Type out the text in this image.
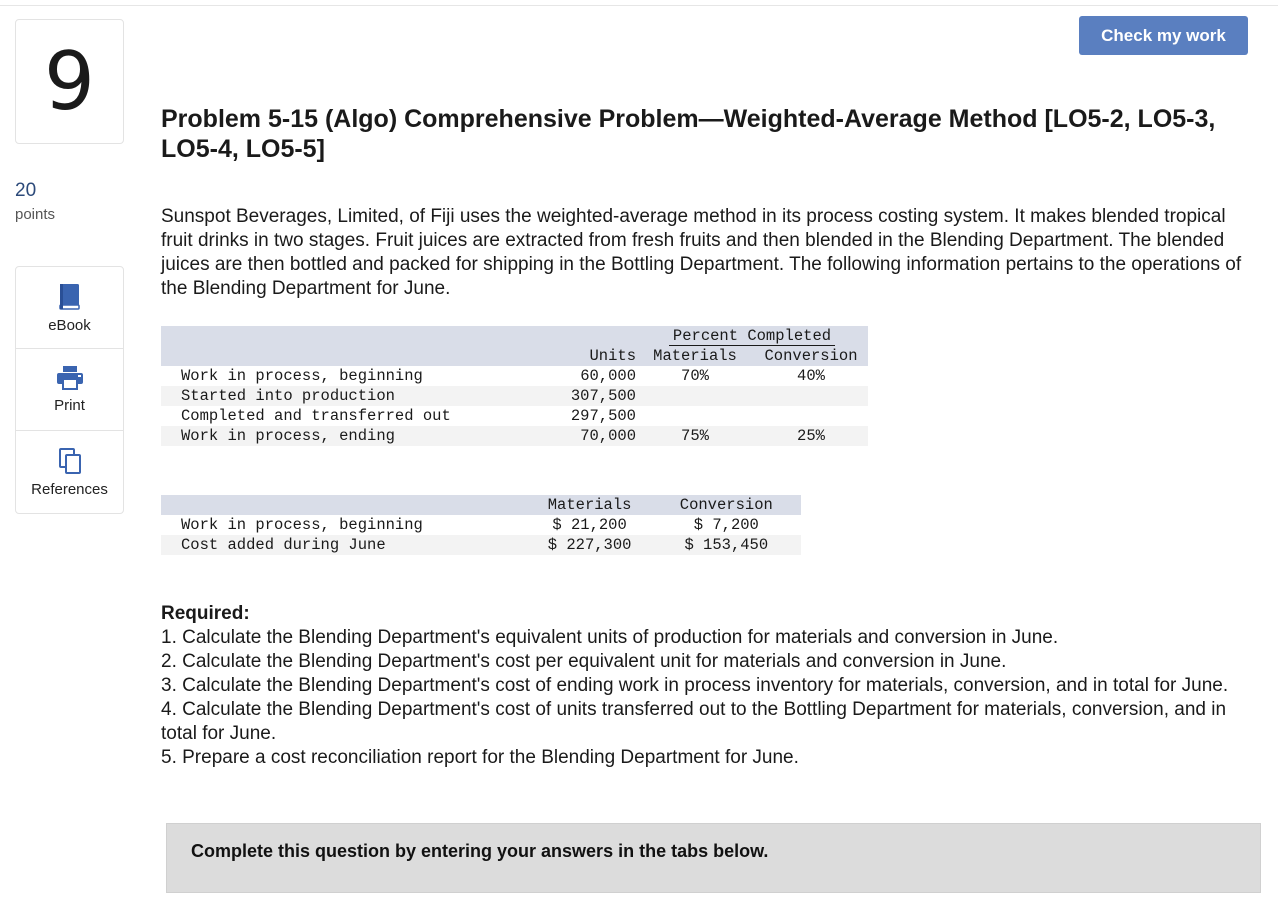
9
20
points
eBook
Print
References
Check my work
Problem 5-15 (Algo) Comprehensive Problem—Weighted-Average Method [LO5-2, LO5-3, LO5-4, LO5-5]

Sunspot Beverages, Limited, of Fiji uses the weighted-average method in its process costing system. It makes blended tropical fruit drinks in two stages. Fruit juices are extracted from fresh fruits and then blended in the Blending Department. The blended juices are then bottled and packed for shipping in the Bottling Department. The following information pertains to the operations of the Blending Department for June.

		Percent Completed	
	Units	Materials	Conversion
Work in process, beginning	60,000	70%	40%
Started into production	307,500		
Completed and transferred out	297,500		
Work in process, ending	70,000	75%	25%
	Materials	Conversion
Work in process, beginning	$ 21,200	$ 7,200
Cost added during June	$ 227,300	$ 153,450
Required:
1. Calculate the Blending Department's equivalent units of production for materials and conversion in June.
2. Calculate the Blending Department's cost per equivalent unit for materials and conversion in June.
3. Calculate the Blending Department's cost of ending work in process inventory for materials, conversion, and in total for June.
4. Calculate the Blending Department's cost of units transferred out to the Bottling Department for materials, conversion, and in total for June.
5. Prepare a cost reconciliation report for the Blending Department for June.
Complete this question by entering your answers in the tabs below.
